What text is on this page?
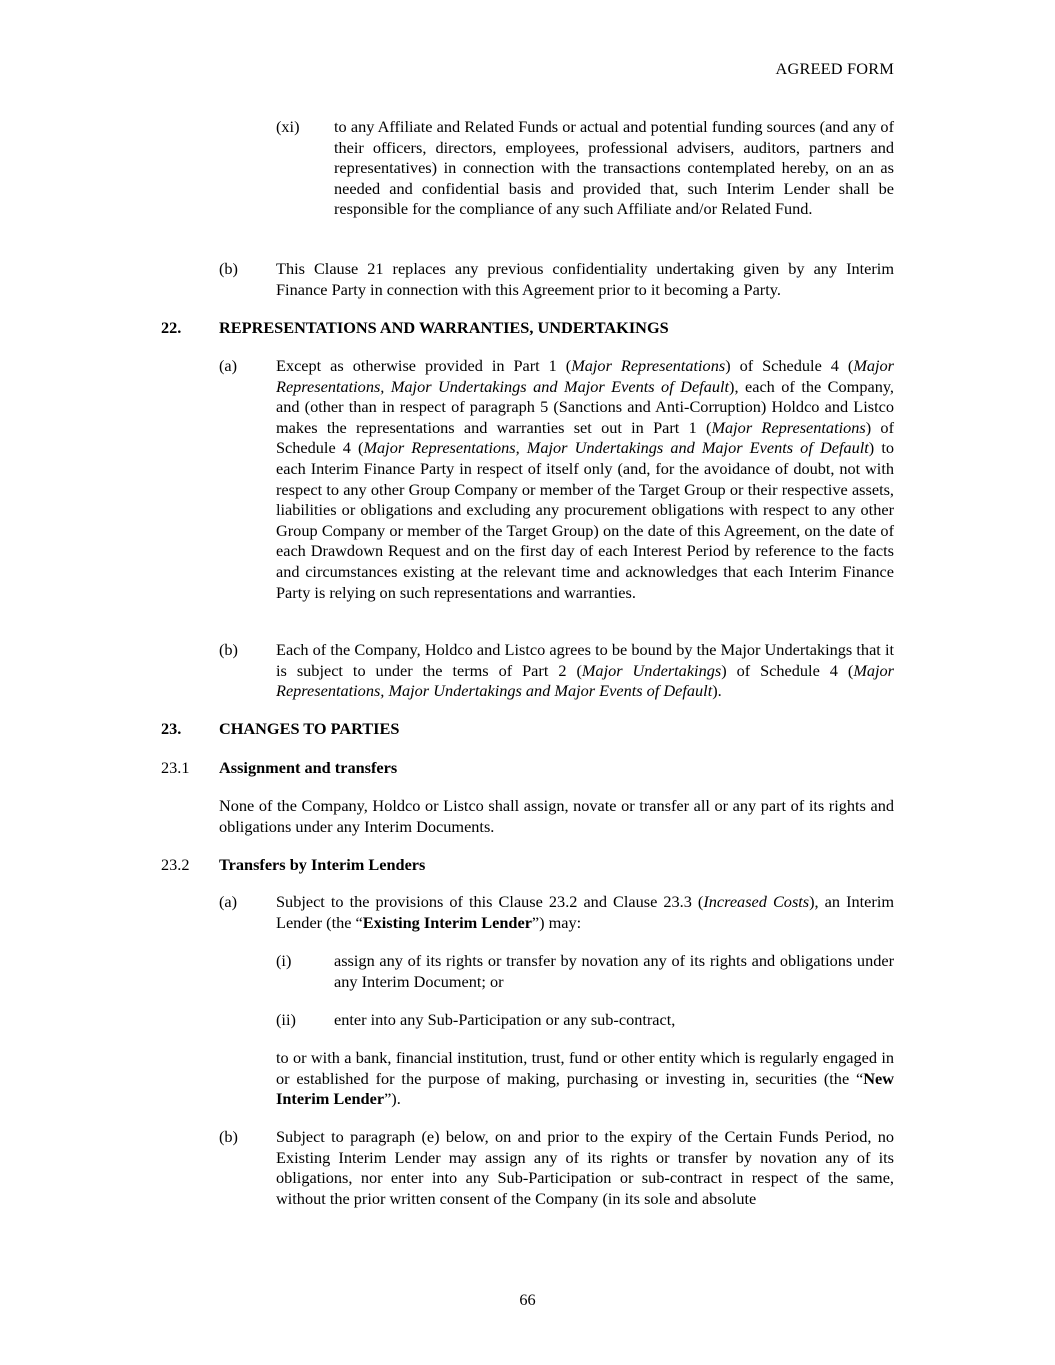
AGREED FORM
(xi) to any Affiliate and Related Funds or actual and potential funding sources (and any of their officers, directors, employees, professional advisers, auditors, partners and representatives) in connection with the transactions contemplated hereby, on an as needed and confidential basis and provided that, such Interim Lender shall be responsible for the compliance of any such Affiliate and/or Related Fund.
(b) This Clause 21 replaces any previous confidentiality undertaking given by any Interim Finance Party in connection with this Agreement prior to it becoming a Party.
22. REPRESENTATIONS AND WARRANTIES, UNDERTAKINGS
(a) Except as otherwise provided in Part 1 (Major Representations) of Schedule 4 (Major Representations, Major Undertakings and Major Events of Default), each of the Company, and (other than in respect of paragraph 5 (Sanctions and Anti-Corruption) Holdco and Listco makes the representations and warranties set out in Part 1 (Major Representations) of Schedule 4 (Major Representations, Major Undertakings and Major Events of Default) to each Interim Finance Party in respect of itself only (and, for the avoidance of doubt, not with respect to any other Group Company or member of the Target Group or their respective assets, liabilities or obligations and excluding any procurement obligations with respect to any other Group Company or member of the Target Group) on the date of this Agreement, on the date of each Drawdown Request and on the first day of each Interest Period by reference to the facts and circumstances existing at the relevant time and acknowledges that each Interim Finance Party is relying on such representations and warranties.
(b) Each of the Company, Holdco and Listco agrees to be bound by the Major Undertakings that it is subject to under the terms of Part 2 (Major Undertakings) of Schedule 4 (Major Representations, Major Undertakings and Major Events of Default).
23. CHANGES TO PARTIES
23.1 Assignment and transfers
None of the Company, Holdco or Listco shall assign, novate or transfer all or any part of its rights and obligations under any Interim Documents.
23.2 Transfers by Interim Lenders
(a) Subject to the provisions of this Clause 23.2 and Clause 23.3 (Increased Costs), an Interim Lender (the “Existing Interim Lender”) may:
(i)	assign any of its rights or transfer by novation any of its rights and obligations under any Interim Document; or
(ii) enter into any Sub-Participation or any sub-contract,
to or with a bank, financial institution, trust, fund or other entity which is regularly engaged in or established for the purpose of making, purchasing or investing in, securities (the “New Interim Lender”).
(b) Subject to paragraph (e) below, on and prior to the expiry of the Certain Funds Period, no Existing Interim Lender may assign any of its rights or transfer by novation any of its obligations, nor enter into any Sub-Participation or sub-contract in respect of the same, without the prior written consent of the Company (in its sole and absolute
66
